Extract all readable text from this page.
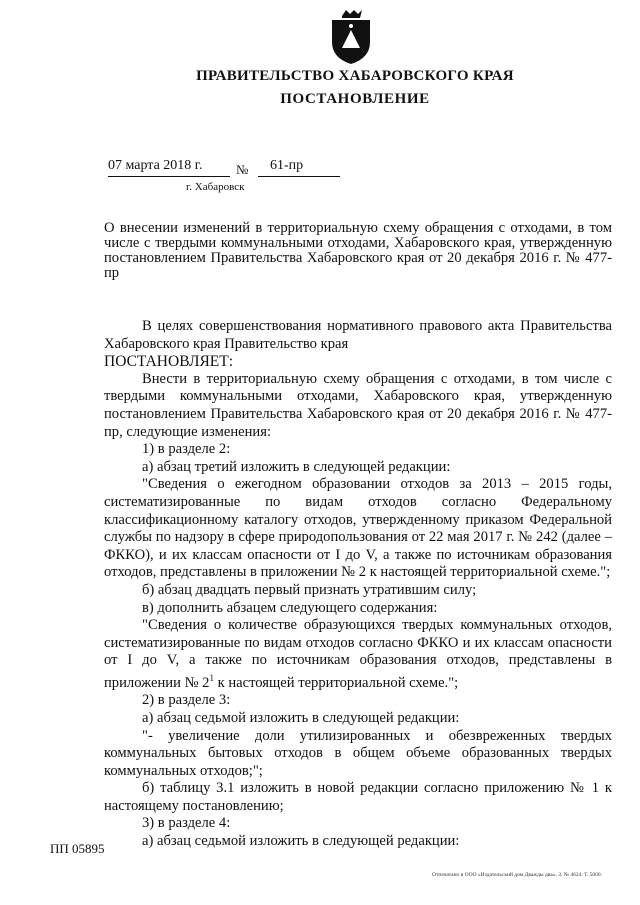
ПРАВИТЕЛЬСТВО ХАБАРОВСКОГО КРАЯ
ПОСТАНОВЛЕНИЕ
07 марта 2018 г.	№ 61-пр
г. Хабаровск
О внесении изменений в территориальную схему обращения с отходами, в том числе с твердыми коммунальными отходами, Хабаровского края, утвержденную постановлением Правительства Хабаровского края от 20 декабря 2016 г. № 477-пр

В целях совершенствования нормативного правового акта Правительства Хабаровского края Правительство края

ПОСТАНОВЛЯЕТ:

Внести в территориальную схему обращения с отходами, в том числе с твердыми коммунальными отходами, Хабаровского края, утвержденную постановлением Правительства Хабаровского края от 20 декабря 2016 г. № 477-пр, следующие изменения:

1) в разделе 2:

а) абзац третий изложить в следующей редакции:

"Сведения о ежегодном образовании отходов за 2013 – 2015 годы, систематизированные по видам отходов согласно Федеральному классификационному каталогу отходов, утвержденному приказом Федеральной службы по надзору в сфере природопользования от 22 мая 2017 г. № 242 (далее – ФККО), и их классам опасности от I до V, а также по источникам образования отходов, представлены в приложении № 2 к настоящей территориальной схеме.";

б) абзац двадцать первый признать утратившим силу;

в) дополнить абзацем следующего содержания:

"Сведения о количестве образующихся твердых коммунальных отходов, систематизированные по видам отходов согласно ФККО и их классам опасности от I до V, а также по источникам образования отходов, представлены в приложении № $2^1$ к настоящей территориальной схеме.";

2) в разделе 3:

а) абзац седьмой изложить в следующей редакции:

"- увеличение доли утилизированных и обезвреженных твердых коммунальных бытовых отходов в общем объеме образованных твердых коммунальных отходов;";

б) таблицу 3.1 изложить в новой редакции согласно приложению № 1 к настоящему постановлению;

3) в разделе 4:

а) абзац седьмой изложить в следующей редакции:

ПП 05895
Отпечатано в ООО «Издательский дом Дважды два». З. № 4624. Т. 5000.
